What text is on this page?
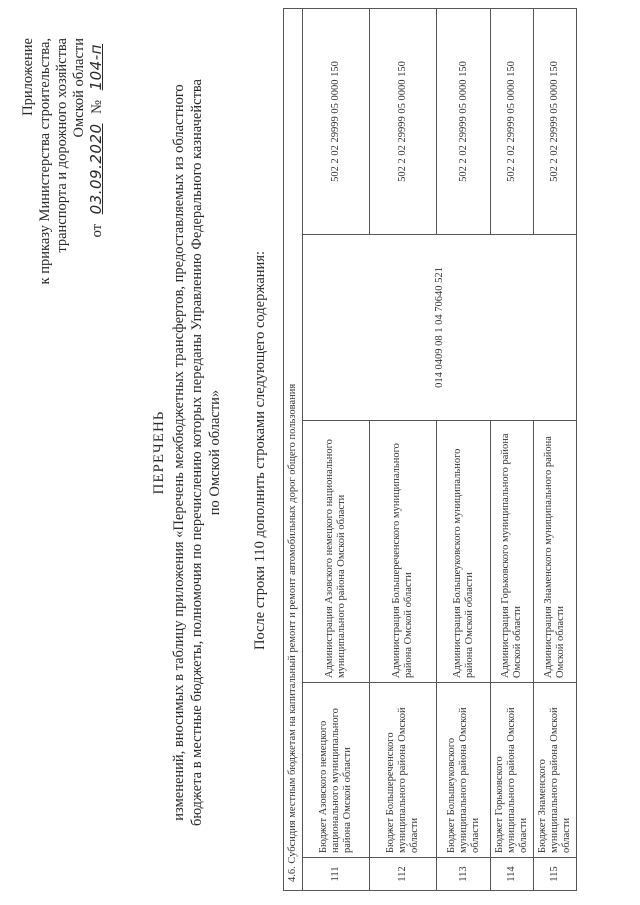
Приложение к приказу Министерства строительства, транспорта и дорожного хозяйства Омской области
от 03.09.2020 № 104-п
ПЕРЕЧЕНЬ изменений, вносимых в таблицу приложения «Перечень межбюджетных трансфертов, предоставляемых из областного бюджета в местные бюджеты, полномочия по перечислению которых переданы Управлению Федерального казначейства по Омской области» После строки 110 дополнить строками следующего содержания: 4.6. Субсидия местным бюджетам на капитальный ремонт и ремонт автомобильных дорог общего пользования				
111	Бюджет Азовского немецкого национального муниципального района Омской области	Администрация Азовского немецкого национального муниципального района Омской области	014 0409 08 1 04 70640 521	502 2 02 29999 05 0000 150
112	Бюджет Большереченского муниципального района Омской области	Администрация Большереченского муниципального района Омской области		502 2 02 29999 05 0000 150
113	Бюджет Большеуковского муниципального района Омской области	Администрация Большеуковского муниципального района Омской области		502 2 02 29999 05 0000 150
114	Бюджет Горьковского муниципального района Омской области	Администрация Горьковского муниципального района Омской области		502 2 02 29999 05 0000 150
115	Бюджет Знаменского муниципального района Омской области	Администрация Знаменского муниципального района Омской области		502 2 02 29999 05 0000 150
